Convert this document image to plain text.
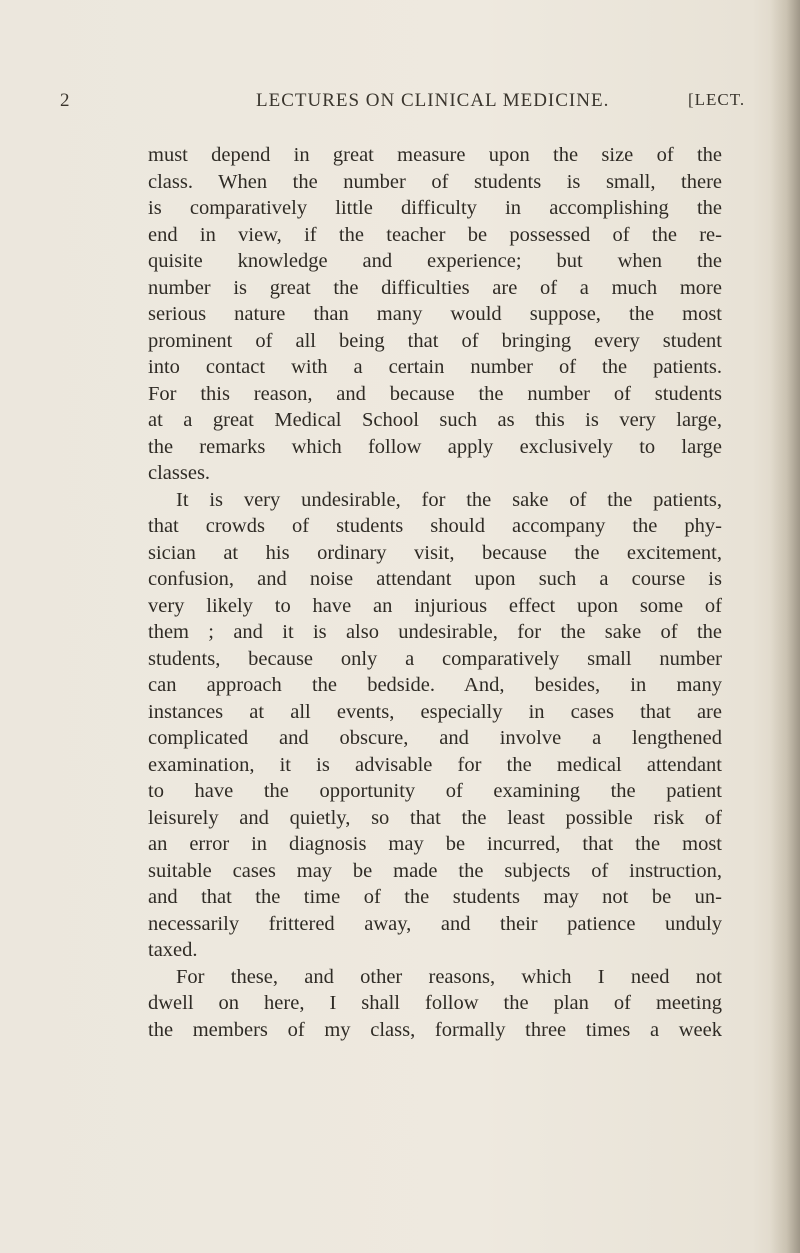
2	LECTURES ON CLINICAL MEDICINE.	[LECT.
must depend in great measure upon the size of the
class. When the number of students is small, there
is comparatively little difficulty in accomplishing the
end in view, if the teacher be possessed of the re-
quisite knowledge and experience; but when the
number is great the difficulties are of a much more
serious nature than many would suppose, the most
prominent of all being that of bringing every student
into contact with a certain number of the patients.
For this reason, and because the number of students
at a great Medical School such as this is very large,
the remarks which follow apply exclusively to large
classes.
It is very undesirable, for the sake of the patients,
that crowds of students should accompany the phy-
sician at his ordinary visit, because the excitement,
confusion, and noise attendant upon such a course is
very likely to have an injurious effect upon some of
them ; and it is also undesirable, for the sake of the
students, because only a comparatively small number
can approach the bedside. And, besides, in many
instances at all events, especially in cases that are
complicated and obscure, and involve a lengthened
examination, it is advisable for the medical attendant
to have the opportunity of examining the patient
leisurely and quietly, so that the least possible risk of
an error in diagnosis may be incurred, that the most
suitable cases may be made the subjects of instruction,
and that the time of the students may not be un-
necessarily frittered away, and their patience unduly
taxed.
For these, and other reasons, which I need not
dwell on here, I shall follow the plan of meeting
the members of my class, formally three times a week
